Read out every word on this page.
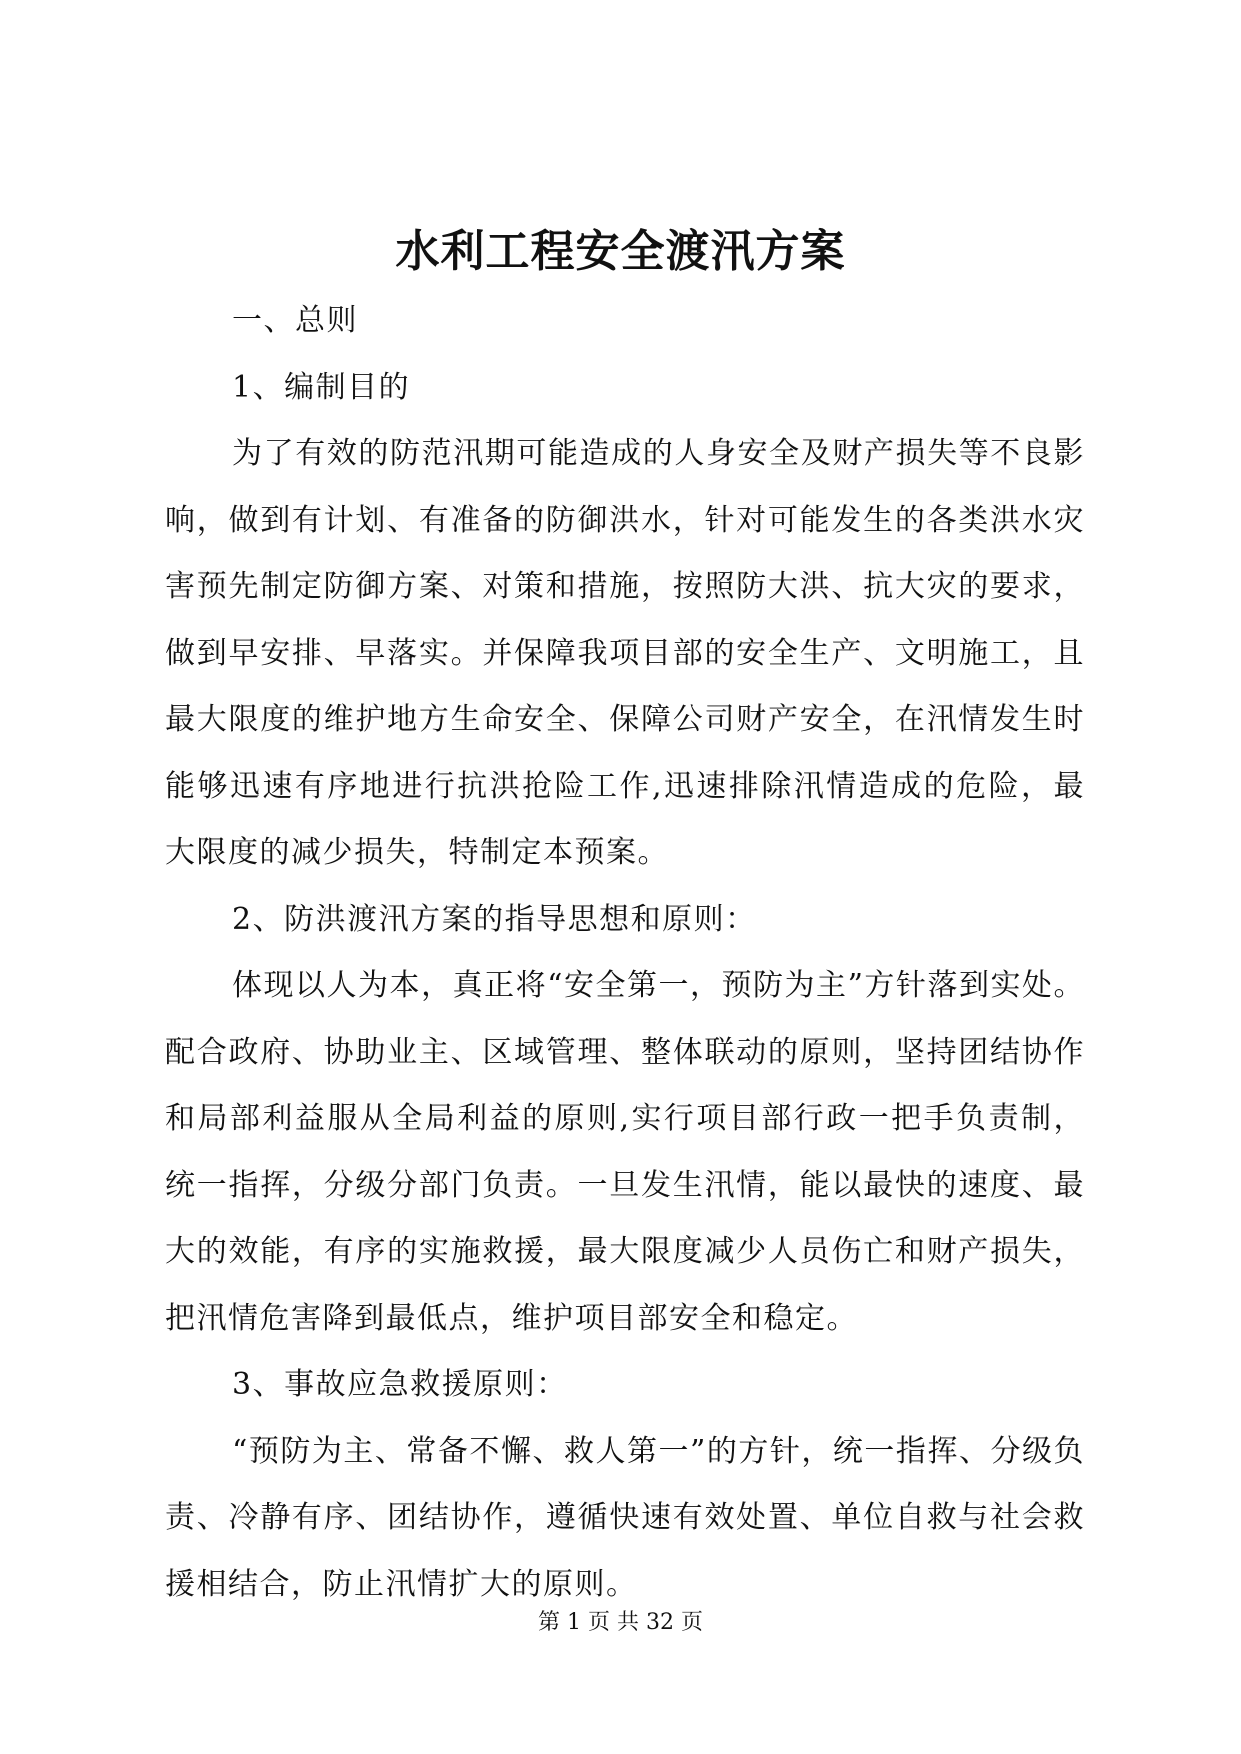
水利工程安全渡汛方案

一、总则

1、编制目的

为了有效的防范汛期可能造成的人身安全及财产损失等不良影响，做到有计划、有准备的防御洪水，针对可能发生的各类洪水灾害预先制定防御方案、对策和措施，按照防大洪、抗大灾的要求，做到早安排、早落实。并保障我项目部的安全生产、文明施工，且最大限度的维护地方生命安全、保障公司财产安全，在汛情发生时能够迅速有序地进行抗洪抢险工作,迅速排除汛情造成的危险，最大限度的减少损失，特制定本预案。

2、防洪渡汛方案的指导思想和原则：

体现以人为本，真正将“安全第一，预防为主”方针落到实处。配合政府、协助业主、区域管理、整体联动的原则，坚持团结协作和局部利益服从全局利益的原则,实行项目部行政一把手负责制，统一指挥，分级分部门负责。一旦发生汛情，能以最快的速度、最大的效能，有序的实施救援，最大限度减少人员伤亡和财产损失，把汛情危害降到最低点，维护项目部安全和稳定。

3、事故应急救援原则：

“预防为主、常备不懈、救人第一”的方针，统一指挥、分级负责、冷静有序、团结协作，遵循快速有效处置、单位自救与社会救援相结合，防止汛情扩大的原则。

第 1 页 共 32 页
